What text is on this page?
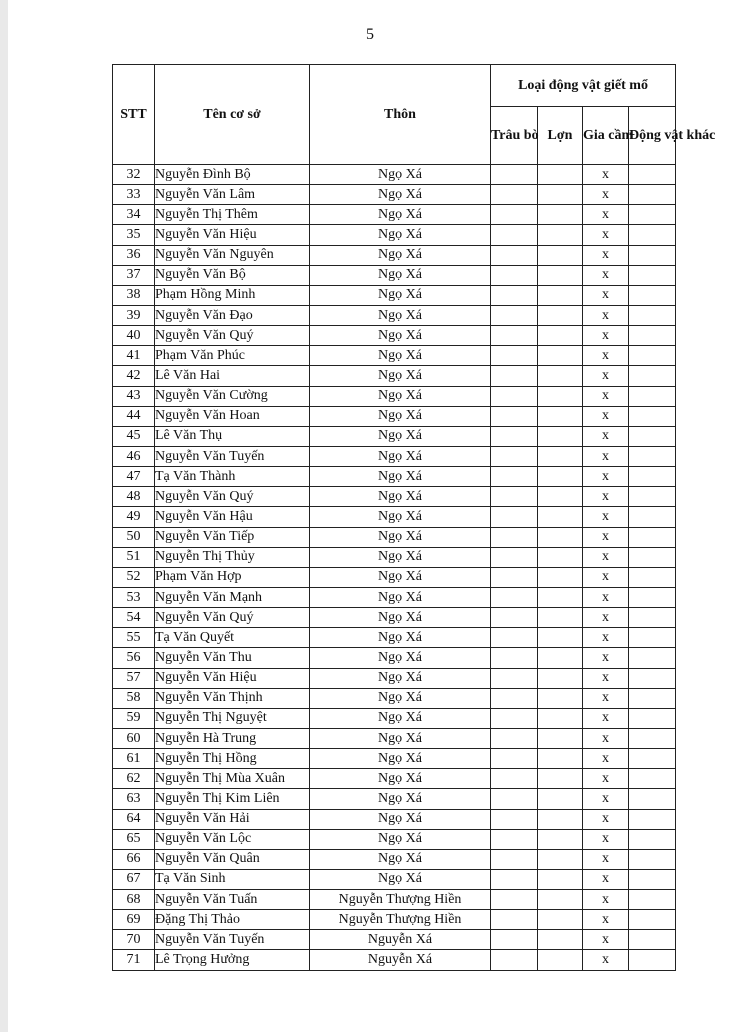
5
STT	Tên cơ sở	Thôn	Loại động vật giết mổ			
			Trâu bò	Lợn	Gia cầm	Động vật khác
32	Nguyễn Đình Bộ	Ngọ Xá			x	
33	Nguyễn Văn Lâm	Ngọ Xá			x	
34	Nguyễn Thị Thêm	Ngọ Xá			x	
35	Nguyễn Văn Hiệu	Ngọ Xá			x	
36	Nguyễn Văn Nguyên	Ngọ Xá			x	
37	Nguyễn Văn Bộ	Ngọ Xá			x	
38	Phạm Hồng Minh	Ngọ Xá			x	
39	Nguyễn Văn Đạo	Ngọ Xá			x	
40	Nguyễn Văn Quý	Ngọ Xá			x	
41	Phạm Văn Phúc	Ngọ Xá			x	
42	Lê Văn Hai	Ngọ Xá			x	
43	Nguyễn Văn Cường	Ngọ Xá			x	
44	Nguyễn Văn Hoan	Ngọ Xá			x	
45	Lê Văn Thụ	Ngọ Xá			x	
46	Nguyễn Văn Tuyến	Ngọ Xá			x	
47	Tạ Văn Thành	Ngọ Xá			x	
48	Nguyễn Văn Quý	Ngọ Xá			x	
49	Nguyễn Văn Hậu	Ngọ Xá			x	
50	Nguyễn Văn Tiếp	Ngọ Xá			x	
51	Nguyễn Thị Thủy	Ngọ Xá			x	
52	Phạm Văn Hợp	Ngọ Xá			x	
53	Nguyễn Văn Mạnh	Ngọ Xá			x	
54	Nguyễn Văn Quý	Ngọ Xá			x	
55	Tạ Văn Quyết	Ngọ Xá			x	
56	Nguyễn Văn Thu	Ngọ Xá			x	
57	Nguyễn Văn Hiệu	Ngọ Xá			x	
58	Nguyễn Văn Thịnh	Ngọ Xá			x	
59	Nguyễn Thị Nguyệt	Ngọ Xá			x	
60	Nguyễn Hà Trung	Ngọ Xá			x	
61	Nguyễn Thị Hồng	Ngọ Xá			x	
62	Nguyễn Thị Mùa Xuân	Ngọ Xá			x	
63	Nguyễn Thị Kim Liên	Ngọ Xá			x	
64	Nguyễn Văn Hải	Ngọ Xá			x	
65	Nguyễn Văn Lộc	Ngọ Xá			x	
66	Nguyễn Văn Quân	Ngọ Xá			x	
67	Tạ Văn Sinh	Ngọ Xá			x	
68	Nguyễn Văn Tuấn	Nguyễn Thượng Hiền			x	
69	Đặng Thị Thảo	Nguyễn Thượng Hiền			x	
70	Nguyễn Văn Tuyến	Nguyễn Xá			x	
71	Lê Trọng Hưởng	Nguyễn Xá			x	
